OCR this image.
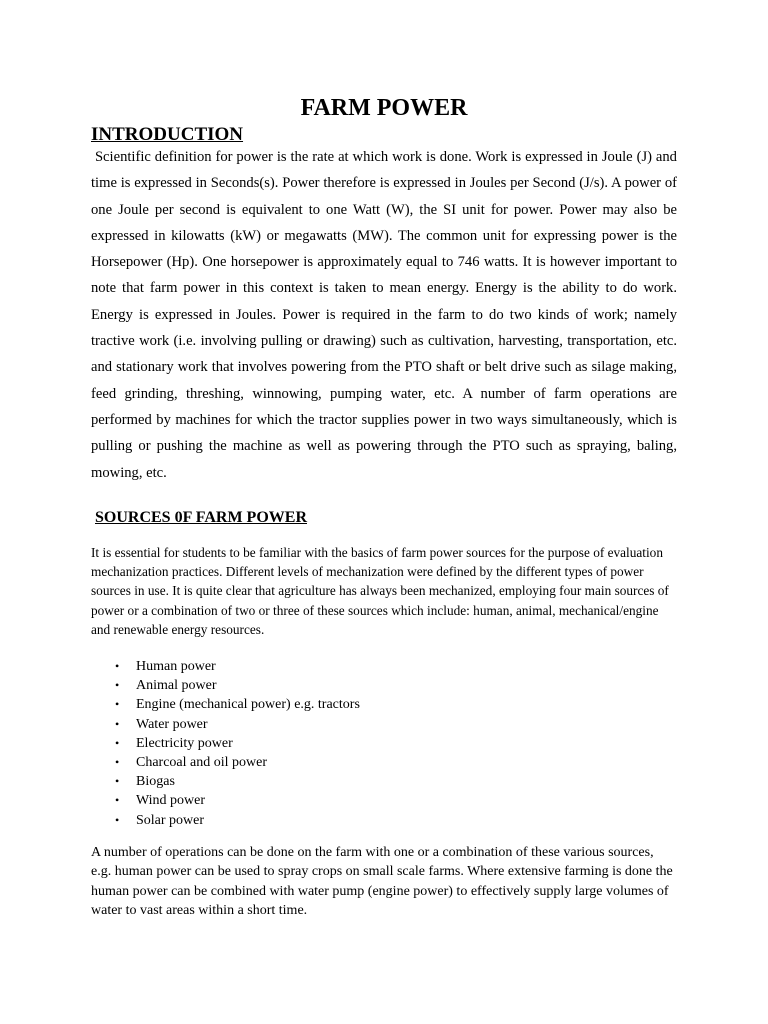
FARM POWER
INTRODUCTION

Scientific definition for power is the rate at which work is done. Work is expressed in Joule (J) and time is expressed in Seconds(s). Power therefore is expressed in Joules per Second (J/s). A power of one Joule per second is equivalent to one Watt (W), the SI unit for power. Power may also be expressed in kilowatts (kW) or megawatts (MW). The common unit for expressing power is the Horsepower (Hp). One horsepower is approximately equal to 746 watts. It is however important to note that farm power in this context is taken to mean energy. Energy is the ability to do work. Energy is expressed in Joules. Power is required in the farm to do two kinds of work; namely tractive work (i.e. involving pulling or drawing) such as cultivation, harvesting, transportation, etc. and stationary work that involves powering from the PTO shaft or belt drive such as silage making, feed grinding, threshing, winnowing, pumping water, etc. A number of farm operations are performed by machines for which the tractor supplies power in two ways simultaneously, which is pulling or pushing the machine as well as powering through the PTO such as spraying, baling, mowing, etc.

SOURCES 0F FARM POWER

It is essential for students to be familiar with the basics of farm power sources for the purpose of evaluation mechanization practices. Different levels of mechanization were defined by the different types of power sources in use. It is quite clear that agriculture has always been mechanized, employing four main sources of power or a combination of two or three of these sources which include: human, animal, mechanical/engine and renewable energy resources.

• Human power
• Animal power
• Engine (mechanical power) e.g. tractors
• Water power
• Electricity power
• Charcoal and oil power
• Biogas
• Wind power
• Solar power

A number of operations can be done on the farm with one or a combination of these various sources, e.g. human power can be used to spray crops on small scale farms. Where extensive farming is done the human power can be combined with water pump (engine power) to effectively supply large volumes of water to vast areas within a short time.
